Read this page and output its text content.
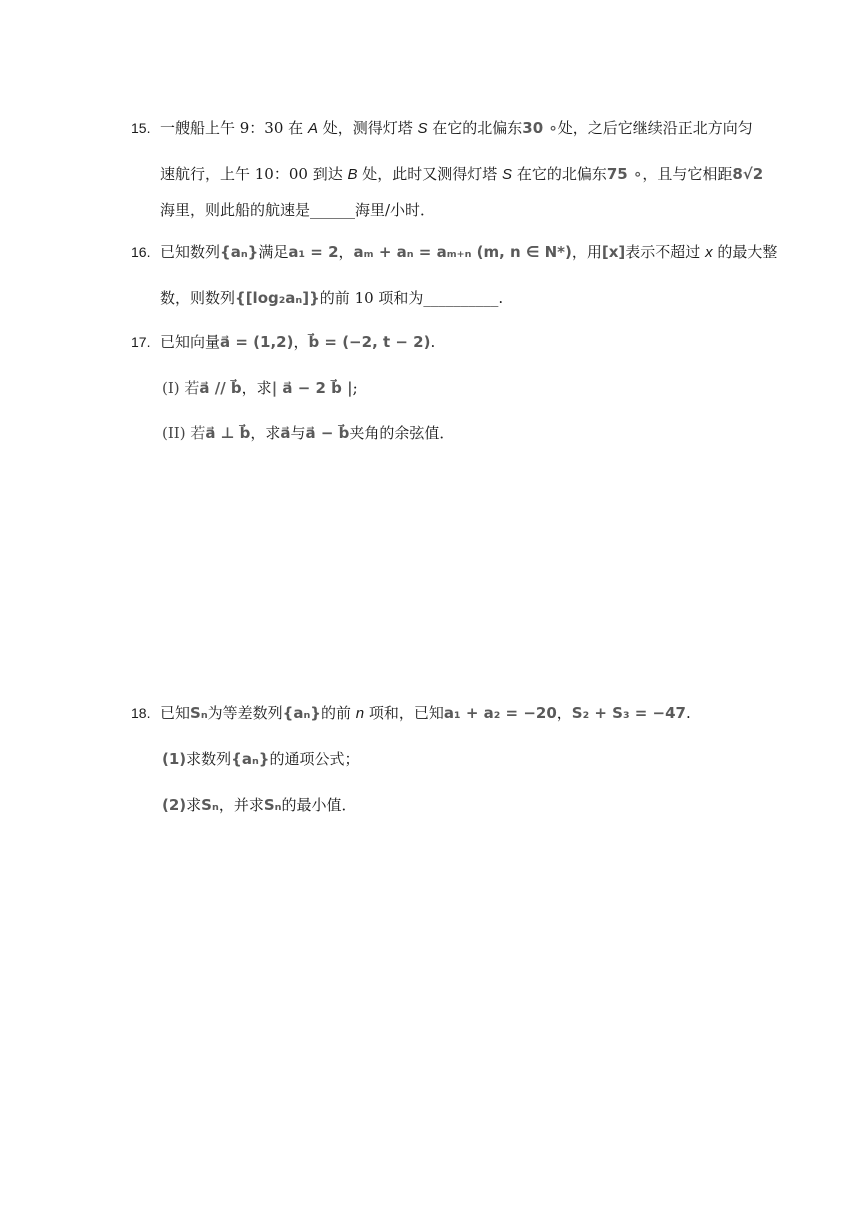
15. 一艘船上午 9：30 在 A 处，测得灯塔 S 在它的北偏东30 ∘处，之后它继续沿正北方向匀
速航行，上午 10：00 到达 B 处，此时又测得灯塔 S 在它的北偏东75 ∘，且与它相距8√2
海里，则此船的航速是______海里/小时．
16. 已知数列{aₙ}满足a₁ = 2，aₘ + aₙ = aₘ₊ₙ (m, n ∈ N*)，用[x]表示不超过 x 的最大整
数，则数列{[log₂aₙ]}的前 10 项和为__________.
17. 已知向量a⃗ = (1,2)，b⃗ = (−2, t − 2).
(I) 若a⃗ // b⃗，求| a⃗ − 2 b⃗ |;
(II) 若a⃗ ⊥ b⃗，求a⃗与a⃗ − b⃗夹角的余弦值．
18. 已知Sₙ为等差数列{aₙ}的前 n 项和，已知a₁ + a₂ = −20，S₂ + S₃ = −47.
(1)求数列{aₙ}的通项公式；
(2)求Sₙ，并求Sₙ的最小值．
